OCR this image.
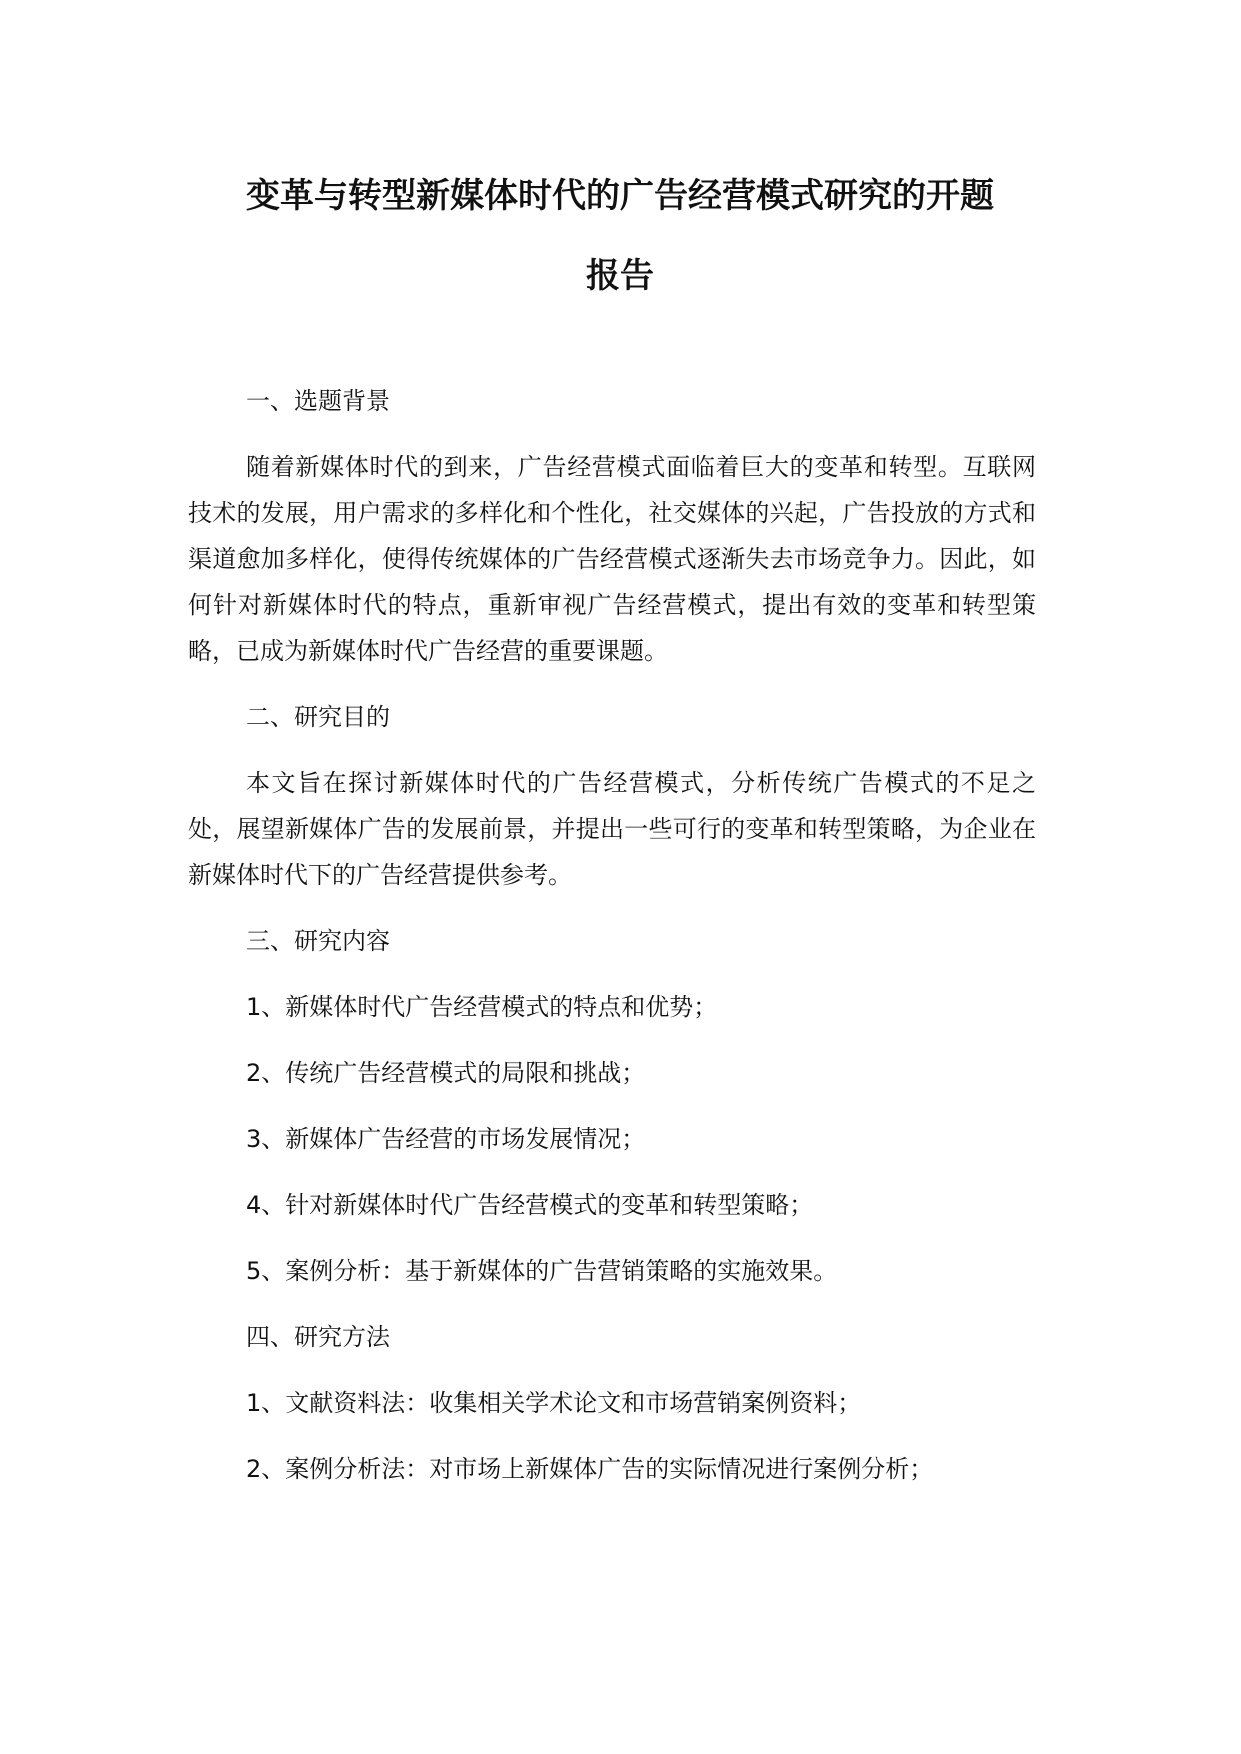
变革与转型新媒体时代的广告经营模式研究的开题
报告
一、选题背景
随着新媒体时代的到来，广告经营模式面临着巨大的变革和转型。互联网技术的发展，用户需求的多样化和个性化，社交媒体的兴起，广告投放的方式和渠道愈加多样化，使得传统媒体的广告经营模式逐渐失去市场竞争力。因此，如何针对新媒体时代的特点，重新审视广告经营模式，提出有效的变革和转型策略，已成为新媒体时代广告经营的重要课题。
二、研究目的
本文旨在探讨新媒体时代的广告经营模式，分析传统广告模式的不足之处，展望新媒体广告的发展前景，并提出一些可行的变革和转型策略，为企业在新媒体时代下的广告经营提供参考。
三、研究内容
1、新媒体时代广告经营模式的特点和优势；
2、传统广告经营模式的局限和挑战；
3、新媒体广告经营的市场发展情况；
4、针对新媒体时代广告经营模式的变革和转型策略；
5、案例分析：基于新媒体的广告营销策略的实施效果。
四、研究方法
1、文献资料法：收集相关学术论文和市场营销案例资料；
2、案例分析法：对市场上新媒体广告的实际情况进行案例分析；
